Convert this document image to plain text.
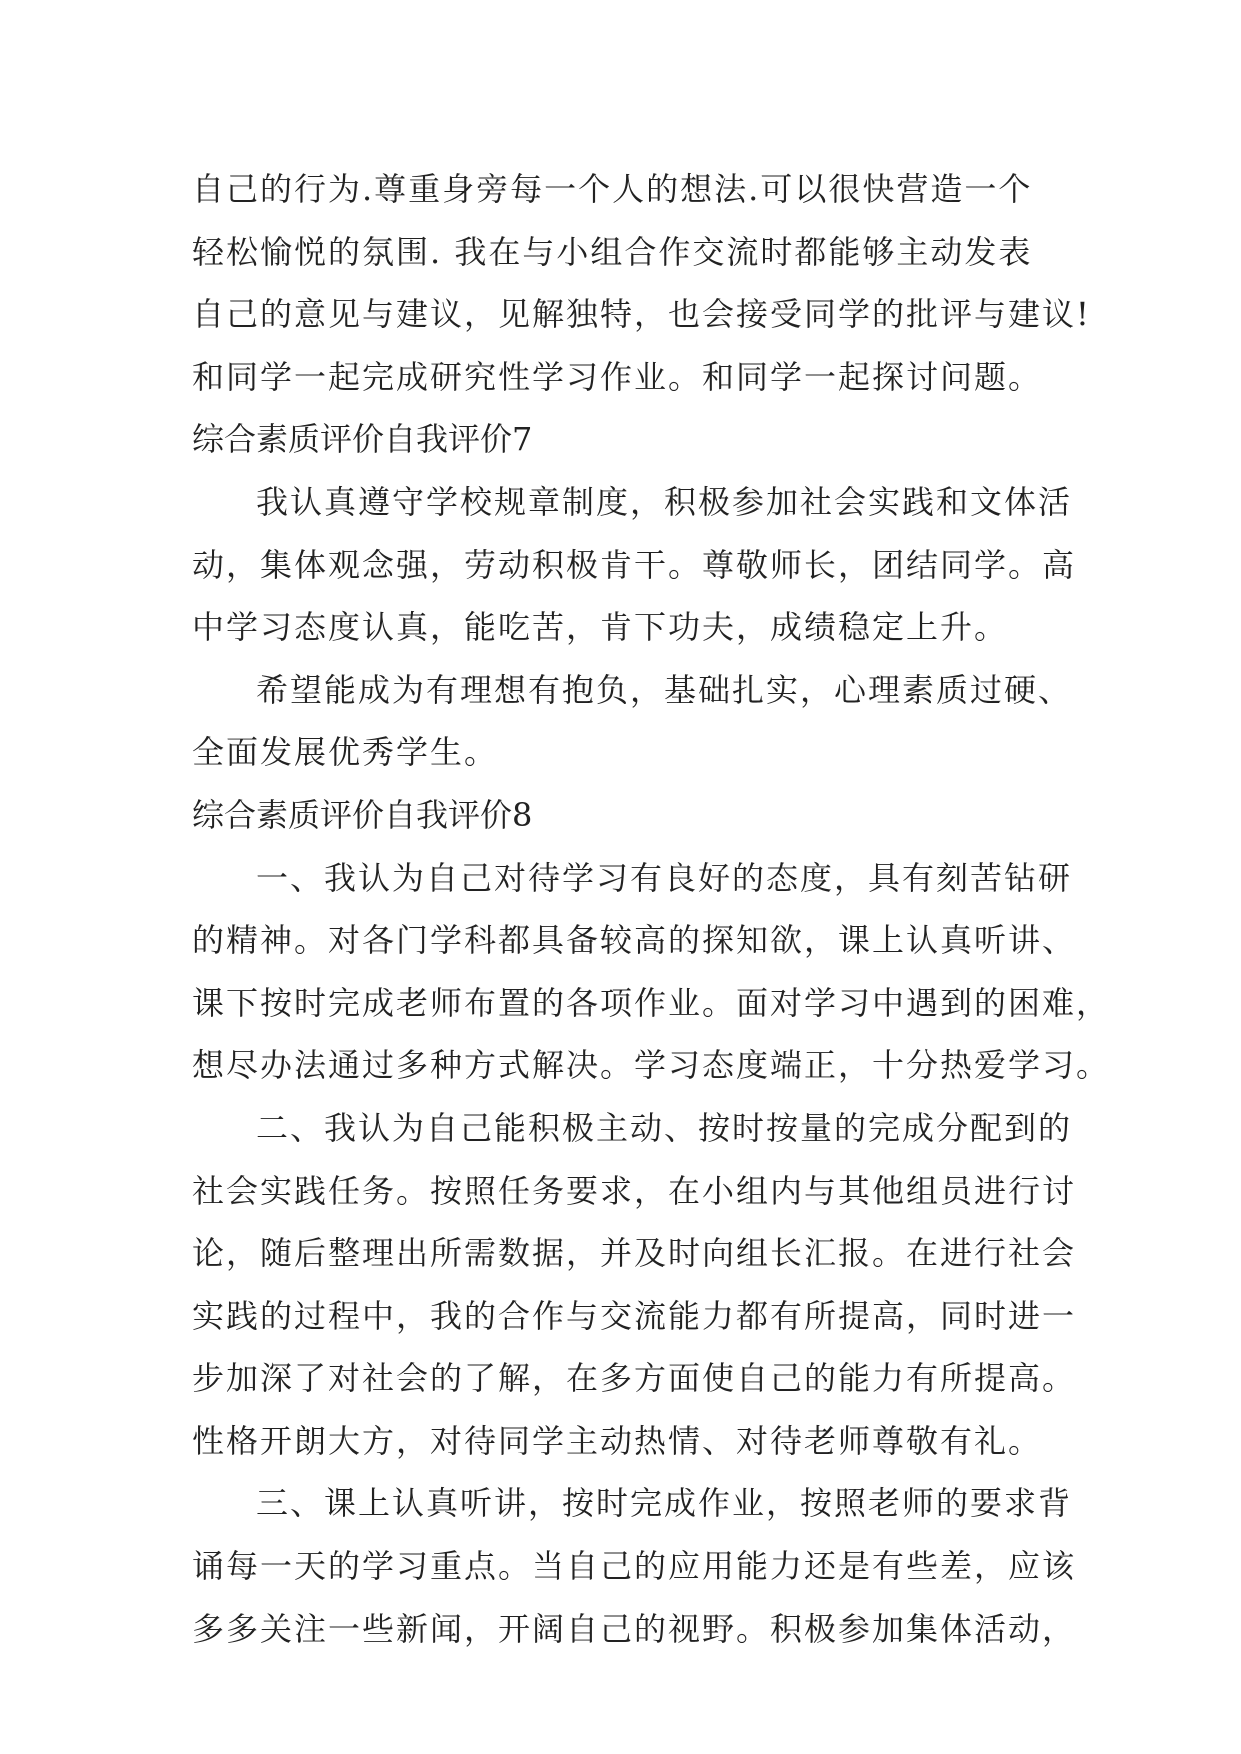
自己的行为.尊重身旁每一个人的想法.可以很快营造一个
轻松愉悦的氛围. 我在与小组合作交流时都能够主动发表
自己的意见与建议，见解独特，也会接受同学的批评与建议!
和同学一起完成研究性学习作业。和同学一起探讨问题。
综合素质评价自我评价7
我认真遵守学校规章制度，积极参加社会实践和文体活
动，集体观念强，劳动积极肯干。尊敬师长，团结同学。高
中学习态度认真，能吃苦，肯下功夫，成绩稳定上升。
希望能成为有理想有抱负，基础扎实，心理素质过硬、
全面发展优秀学生。
综合素质评价自我评价8
一、我认为自己对待学习有良好的态度，具有刻苦钻研
的精神。对各门学科都具备较高的探知欲，课上认真听讲、
课下按时完成老师布置的各项作业。面对学习中遇到的困难，
想尽办法通过多种方式解决。学习态度端正，十分热爱学习。
二、我认为自己能积极主动、按时按量的完成分配到的
社会实践任务。按照任务要求，在小组内与其他组员进行讨
论，随后整理出所需数据，并及时向组长汇报。在进行社会
实践的过程中，我的合作与交流能力都有所提高，同时进一
步加深了对社会的了解，在多方面使自己的能力有所提高。
性格开朗大方，对待同学主动热情、对待老师尊敬有礼。
三、课上认真听讲，按时完成作业，按照老师的要求背
诵每一天的学习重点。当自己的应用能力还是有些差，应该
多多关注一些新闻，开阔自己的视野。积极参加集体活动，
